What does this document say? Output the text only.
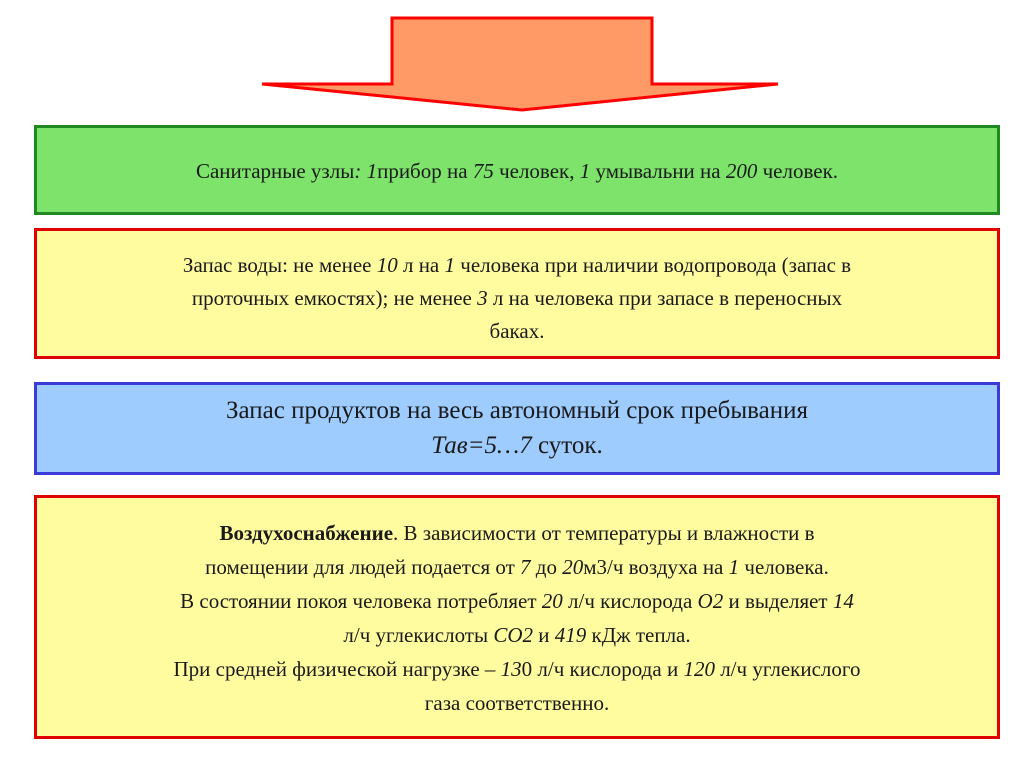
Санитарные узлы: 1прибор на 75 человек, 1 умывальни на 200 человек.
Запас воды: не менее 10 л на 1 человека при наличии водопровода (запас в
проточных емкостях); не менее 3 л на человека при запасе в переносных
баках.
Запас продуктов на весь автономный срок пребывания
Тав=5…7 суток.
Воздухоснабжение. В зависимости от температуры и влажности в
помещении для людей подается от 7 до 20м3/ч воздуха на 1 человека.
В состоянии покоя человека потребляет 20 л/ч кислорода О2 и выделяет 14
л/ч углекислоты СО2 и 419 кДж тепла.
При средней физической нагрузке – 130 л/ч кислорода и 120 л/ч углекислого
газа соответственно.
